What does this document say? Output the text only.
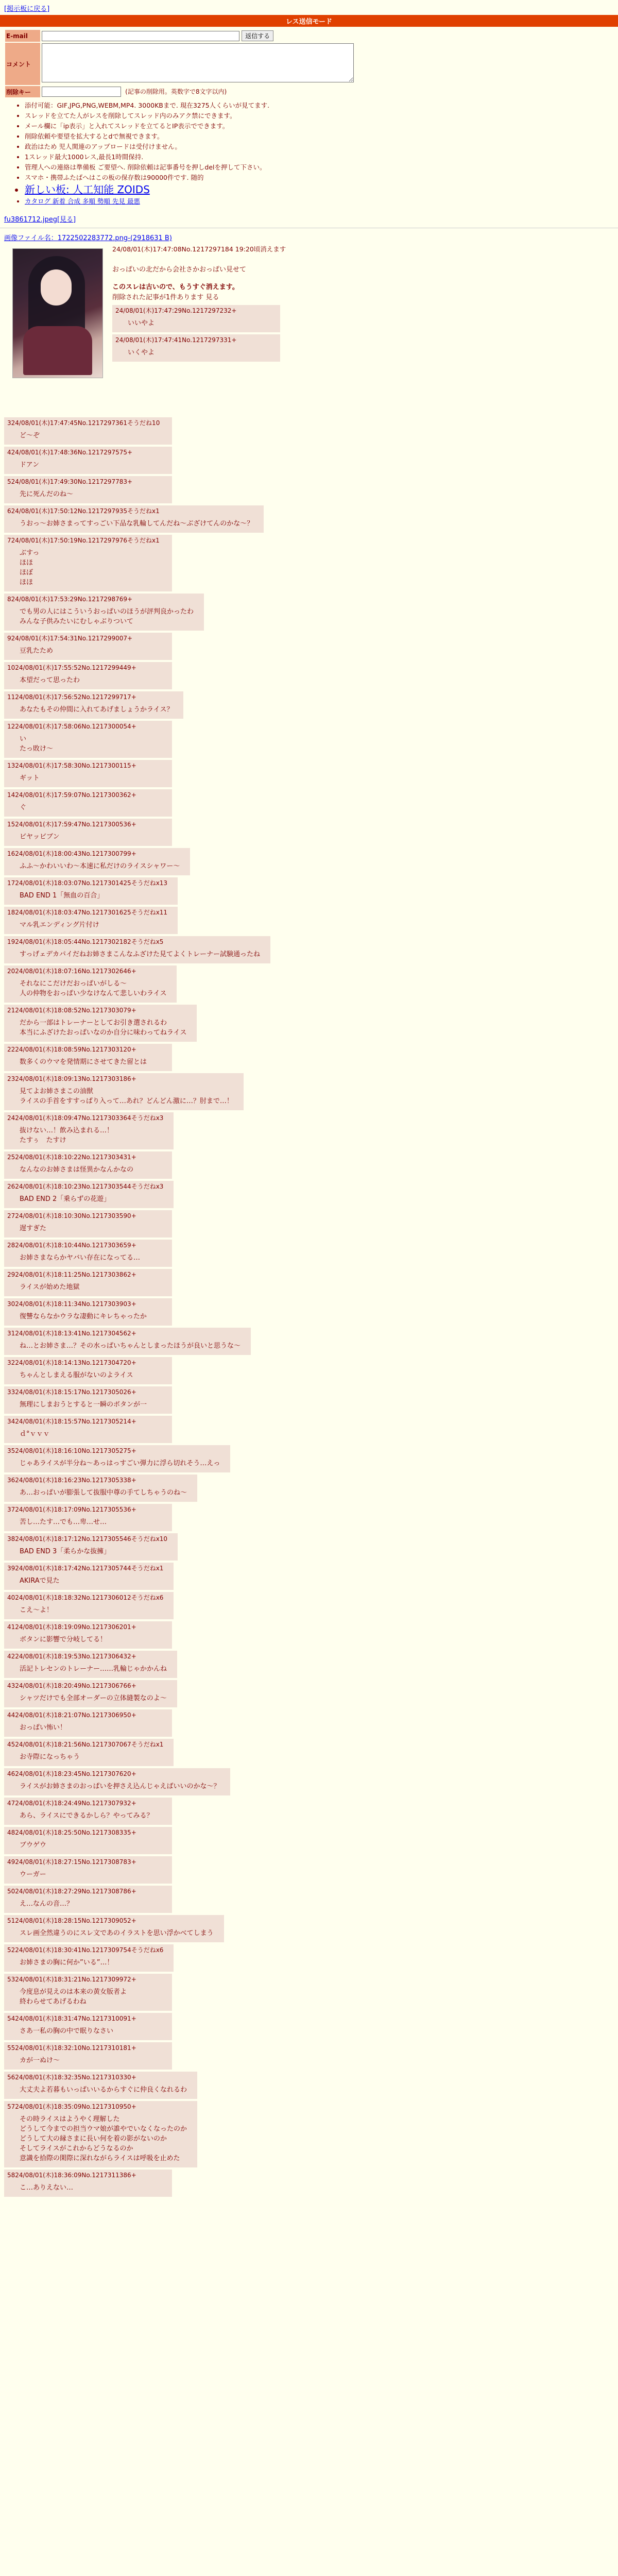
[掲示板に戻る]
レス送信モード
E-mail	返信する
コメント	
削除キー	(記事の削除用。英数字で8文字以内)
• 添付可能：GIF,JPG,PNG,WEBM,MP4. 3000KBまで. 現在3275人くらいが見てます.
• スレッドを立てた人がレスを削除してスレッド内のみアク禁にできます。
• メール欄に「ip表示」と入れてスレッドを立てるとIP表示でできます。
• 削除依頼や要望を拡大するとdで無視できます。
• 政治はため 児人関連のアップロードは受付けません。
• 1スレッド最大1000レス,最長1時間保持.
• 管理人への連絡は準備板 ご要望へ. 削除依頼は記事番号を押しdelを押して下さい。
• スマホ・携帯ふたばへはこの板の保存数は90000件です. 随的
• 新しい板: 人工知能 ZOIDS
• カタログ 新着 合成 多順 勢順 先見 最悪
fu3861712.jpeg[見る]
画像ファイル名：1722502283772.png-(2918631 B)
24/08/01(木)17:47:08No.1217297184 19:20頃消えます
おっぱいの北だから会社さかおっぱい見せて
このスレは古いので、もうすぐ消えます。
削除された記事が1件あります 見る
24/08/01(木)17:47:29No.1217297232+
いいやよ
24/08/01(木)17:47:41No.1217297331+
いくやよ
324/08/01(木)17:47:45No.1217297361そうだね10
ど～ぞ
424/08/01(木)17:48:36No.1217297575+
ドアン
524/08/01(木)17:49:30No.1217297783+
先に死んだのね～
624/08/01(木)17:50:12No.1217297935そうだねx1
うおっ～お姉さまってすっごい下品な乳輪してんだね～ぶざけてんのかな～？
724/08/01(木)17:50:19No.1217297976そうだねx1
ぶすっ
ほほ
ほぼ
ほほ
824/08/01(木)17:53:29No.1217298769+
でも男の人にはこういうおっぱいのほうが評判良かったわ
みんな子供みたいにむしゃぶりついて
924/08/01(木)17:54:31No.1217299007+
豆乳たため
1024/08/01(木)17:55:52No.1217299449+
本望だって思ったわ
1124/08/01(木)17:56:52No.1217299717+
あなたもその仲間に入れてあげましょうかライス？
1224/08/01(木)17:58:06No.1217300054+
い
たっ敗け～
1324/08/01(木)17:58:30No.1217300115+
ギット
1424/08/01(木)17:59:07No.1217300362+
ぐ
1524/08/01(木)17:59:47No.1217300536+
ビヤッビブン
1624/08/01(木)18:00:43No.1217300799+
ふふ～かわいいわ～本速に私だけのライスシャワー～
1724/08/01(木)18:03:07No.1217301425そうだねx13
BAD END 1「無血の百合」
1824/08/01(木)18:03:47No.1217301625そうだねx11
マル乳エンディング片付け
1924/08/01(木)18:05:44No.1217302182そうだねx5
すっげェデカパイだねお姉さまこんなふざけた見てよくトレーナー試験通ったね
2024/08/01(木)18:07:16No.1217302646+
それなにこだけだおっぱいがしる～
人の仲物をおっぱい少なけなんて悲しいわライス
2124/08/01(木)18:08:52No.1217303079+
だから一部はトレーナーとしてお引き選されるわ
本当にふざけたおっぱいなのか自分に味わってねライス
2224/08/01(木)18:08:59No.1217303120+
数多くのウマを発情期にさせてきた留とは
2324/08/01(木)18:09:13No.1217303186+
見てよお姉さまこの油獣
ライスの手首をすすっぱり入って…あれ？どんどん激に…？肘まで…！
2424/08/01(木)18:09:47No.1217303364そうだねx3
抜けない…！飲み込まれる…！
たすぅ　たすけ
2524/08/01(木)18:10:22No.1217303431+
なんなのお姉さまは怪異かなんかなの
2624/08/01(木)18:10:23No.1217303544そうだねx3
BAD END 2「乗らずの花遊」
2724/08/01(木)18:10:30No.1217303590+
遅すぎた
2824/08/01(木)18:10:44No.1217303659+
お姉さまならかヤバい存在になってる…
2924/08/01(木)18:11:25No.1217303862+
ライスが始めた地獄
3024/08/01(木)18:11:34No.1217303903+
復讐ならなかウラな凄動にキレちゃったか
3124/08/01(木)18:13:41No.1217304562+
ね…とお姉さま…？その水っぱいちゃんとしまったほうが良いと思うな～
3224/08/01(木)18:14:13No.1217304720+
ちゃんとしまえる服がないのよライス
3324/08/01(木)18:15:17No.1217305026+
無理にしまおうとすると一瞬のボタンが一
3424/08/01(木)18:15:57No.1217305214+
ｄ°ｖｖｖ
3524/08/01(木)18:16:10No.1217305275+
じゃあライスが半分ね～あっはっすごい弾力に浮ら切れそう…えっ
3624/08/01(木)18:16:23No.1217305338+
あ…おっぱいが膨張して抜服中尊の手てしちゃうのね～
3724/08/01(木)18:17:09No.1217305536+
苦し…たす…でも…卑…せ…
3824/08/01(木)18:17:12No.1217305546そうだねx10
BAD END 3「柔らかな抜擁」
3924/08/01(木)18:17:42No.1217305744そうだねx1
AKIRAで見た
4024/08/01(木)18:18:32No.1217306012そうだねx6
こえ～よ！
4124/08/01(木)18:19:09No.1217306201+
ボタンに影響で分岐してる！
4224/08/01(木)18:19:53No.1217306432+
活記トレセンのトレーナー……乳輪じゃかかんね
4324/08/01(木)18:20:49No.1217306766+
シャツだけでも全部オーダーの立体縫製なのよ～
4424/08/01(木)18:21:07No.1217306950+
おっぱい怖い！
4524/08/01(木)18:21:56No.1217307067そうだねx1
お寺際になっちゃう
4624/08/01(木)18:23:45No.1217307620+
ライスがお姉さまのおっぱいを押さえ込んじゃえばいいのかな～？
4724/08/01(木)18:24:49No.1217307932+
あら、ライスにできるかしら？やってみる？
4824/08/01(木)18:25:50No.1217308335+
ブウゲウ
4924/08/01(木)18:27:15No.1217308783+
ウーガー
5024/08/01(木)18:27:29No.1217308786+
え…なんの音…？
5124/08/01(木)18:28:15No.1217309052+
スレ画全然違うのにスレ文であのイラストを思い浮かべてしまう
5224/08/01(木)18:30:41No.1217309754そうだねx6
お姉さまの胸に何か”いる”…！
5324/08/01(木)18:31:21No.1217309972+
今度息が見えのは本来の黄女版者よ
終わらせてあげるわね
5424/08/01(木)18:31:47No.1217310091+
さあ一私の胸の中で眠りなさい
5524/08/01(木)18:32:10No.1217310181+
カが一ぬけ～
5624/08/01(木)18:32:35No.1217310330+
大丈夫よ若暮もいっぱいいるからすぐに仲良くなれるわ
5724/08/01(木)18:35:09No.1217310950+
その時ライスはようやく理解した
どうして今までの担当ウマ娘が誰やでいなくなったのか
どうして大の縁さまに長い何を着の影がないのか
そしてライスがこれからどうなるのか
意識を拾際の閑際に深れながらライスは呼吸を止めた
5824/08/01(木)18:36:09No.1217311386+
こ…ありえない…
